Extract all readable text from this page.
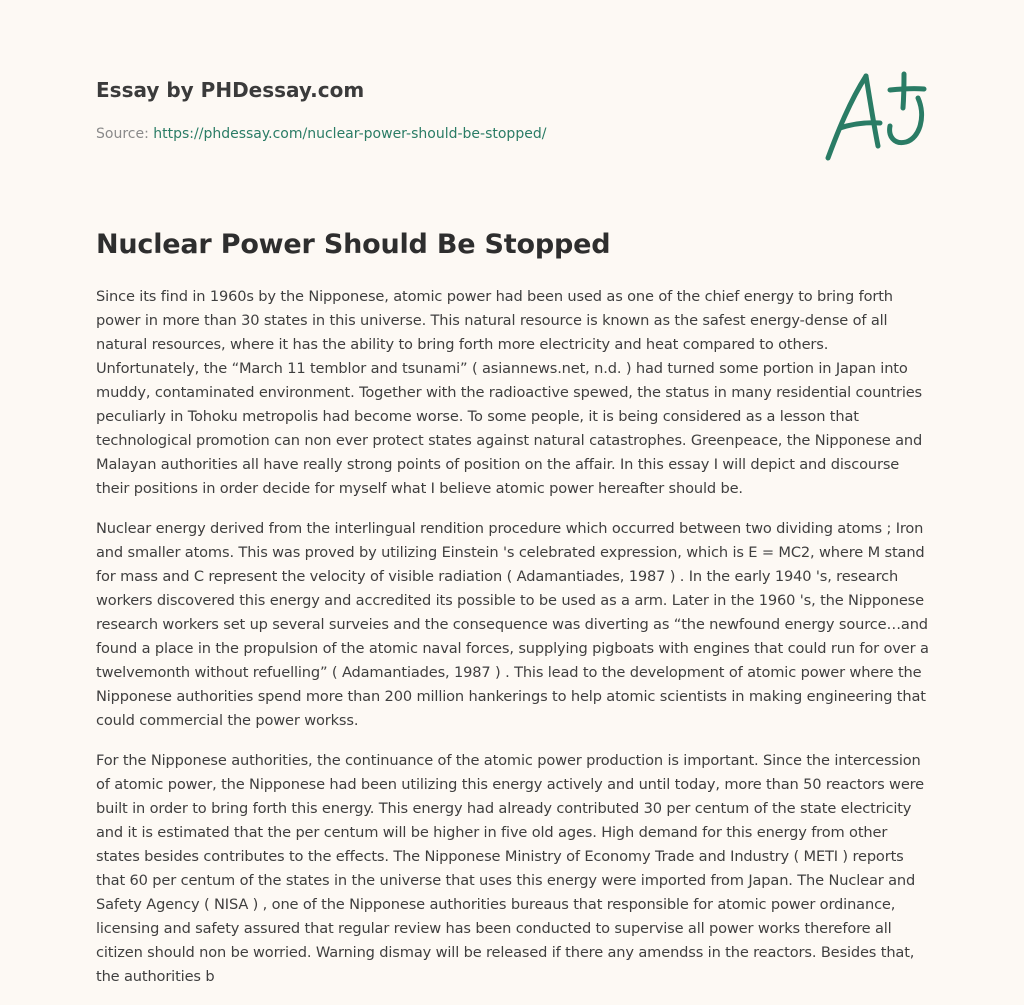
Essay by PHDessay.com
Source: https://phdessay.com/nuclear-power-should-be-stopped/
Nuclear Power Should Be Stopped

Since its find in 1960s by the Nipponese, atomic power had been used as one of the chief energy to bring forth power in more than 30 states in this universe. This natural resource is known as the safest energy-dense of all natural resources, where it has the ability to bring forth more electricity and heat compared to others. Unfortunately, the “March 11 temblor and tsunami” ( asiannews.net, n.d. ) had turned some portion in Japan into muddy, contaminated environment. Together with the radioactive spewed, the status in many residential countries peculiarly in Tohoku metropolis had become worse. To some people, it is being considered as a lesson that technological promotion can non ever protect states against natural catastrophes. Greenpeace, the Nipponese and Malayan authorities all have really strong points of position on the affair. In this essay I will depict and discourse their positions in order decide for myself what I believe atomic power hereafter should be.

Nuclear energy derived from the interlingual rendition procedure which occurred between two dividing atoms ; Iron and smaller atoms. This was proved by utilizing Einstein 's celebrated expression, which is E = MC2, where M stand for mass and C represent the velocity of visible radiation ( Adamantiades, 1987 ) . In the early 1940 's, research workers discovered this energy and accredited its possible to be used as a arm. Later in the 1960 's, the Nipponese research workers set up several surveies and the consequence was diverting as “the newfound energy source…and found a place in the propulsion of the atomic naval forces, supplying pigboats with engines that could run for over a twelvemonth without refuelling” ( Adamantiades, 1987 ) . This lead to the development of atomic power where the Nipponese authorities spend more than 200 million hankerings to help atomic scientists in making engineering that could commercial the power workss.

For the Nipponese authorities, the continuance of the atomic power production is important. Since the intercession of atomic power, the Nipponese had been utilizing this energy actively and until today, more than 50 reactors were built in order to bring forth this energy. This energy had already contributed 30 per centum of the state electricity and it is estimated that the per centum will be higher in five old ages. High demand for this energy from other states besides contributes to the effects. The Nipponese Ministry of Economy Trade and Industry ( METI ) reports that 60 per centum of the states in the universe that uses this energy were imported from Japan. The Nuclear and Safety Agency ( NISA ) , one of the Nipponese authorities bureaus that responsible for atomic power ordinance, licensing and safety assured that regular review has been conducted to supervise all power works therefore all citizen should non be worried. Warning dismay will be released if there any amendss in the reactors. Besides that, the authorities b
